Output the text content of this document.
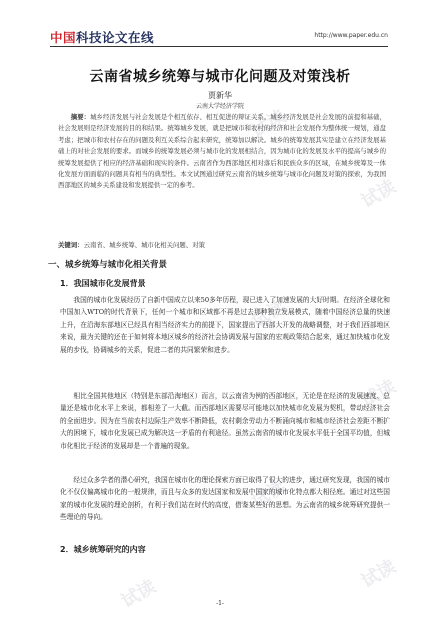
试读
试读
试读
试读
试读
试读
试读
中国科技论文在线	http://www.paper.edu.cn
云南省城乡统筹与城市化问题及对策浅析
贾新华
云南大学经济学院
摘要：城乡经济发展与社会发展是个相互依存、相互促进的辩证关系。城乡经济发展是社会发展的前提和基础，社会发展则是经济发展的目的和结果。统筹城乡发展，就是把城市和农村的经济和社会发展作为整体统一规划，通盘考虑；把城市和农村存在的问题及利互关系综合起来研究，统筹加以解决。城乡的统筹发展其实是建立在经济发展基础上的对社会发展的要求。而城乡的统筹发展必须与城市化的发展相结合，因为城市化的发展及水平的提高与城乡的统筹发展提供了相应的经济基础和现实的条件。云南省作为西部地区相对落后和民族众多的区域，在城乡统筹及一体化发展方面面临的问题具有相当的典型性。本文试图通过研究云南省的城乡统筹与城市化问题及对策的探索，为我国西部地区的城乡关系建设和发展提供一定的参考。
关键词：云南省、城乡统筹、城市化相关问题、对策
一、城乡统筹与城市化相关背景
1．我国城市化发展背景
我国的城市化发展经历了自新中国成立以来50多年历程，现已进入了加速发展的大好时期。在经济全球化和中国加入WTO的时代背景下，任何一个城市和区域都不再是过去那种独立发展模式，随着中国经济总量的快速上升，在沿海东部地区已经具有相当经济实力的前提下，国家提出了西部大开发的战略调整，对于我们西部地区来说，最为关键的还在于如何将本地区城乡的经济社会协调发展与国家的宏观政策结合起来，通过加快城市化发展的步伐，协调城乡的关系，促进二者的共同繁荣和进步。
相比全国其他地区（特别是东部沿海地区）而言，以云南省为例的西部地区，无论是在经济的发展速度、总量还是城市化水平上来说，都相差了一大截。而西部地区需要尽可能地以加快城市化发展为契机，带动经济社会的全面进步。因为在当前农村边际生产效率不断降低，农村剩余劳动力不断涌向城市和城市经济社会差距不断扩大的困境下，城市化发展已成为解决这一矛盾的有利途径。虽然云南省的城市化发展水平低于全国平均值，但城市化相比于经济的发展却是一个普遍的现象。
经过众多学者的潜心研究，我国在城市化的理论探索方面已取得了很大的进步，通过研究发现，我国的城市化不仅仅偏离城市化的一般规律，而且与众多的发达国家和发展中国家的城市化特点都大相径庭。通过对这些国家的城市化发展的理论剖析，有利于我们站在时代的高度，借鉴某些好的思想。为云南省的城乡统筹研究提供一些理论的导向。
2．城乡统筹研究的内容
-1-
